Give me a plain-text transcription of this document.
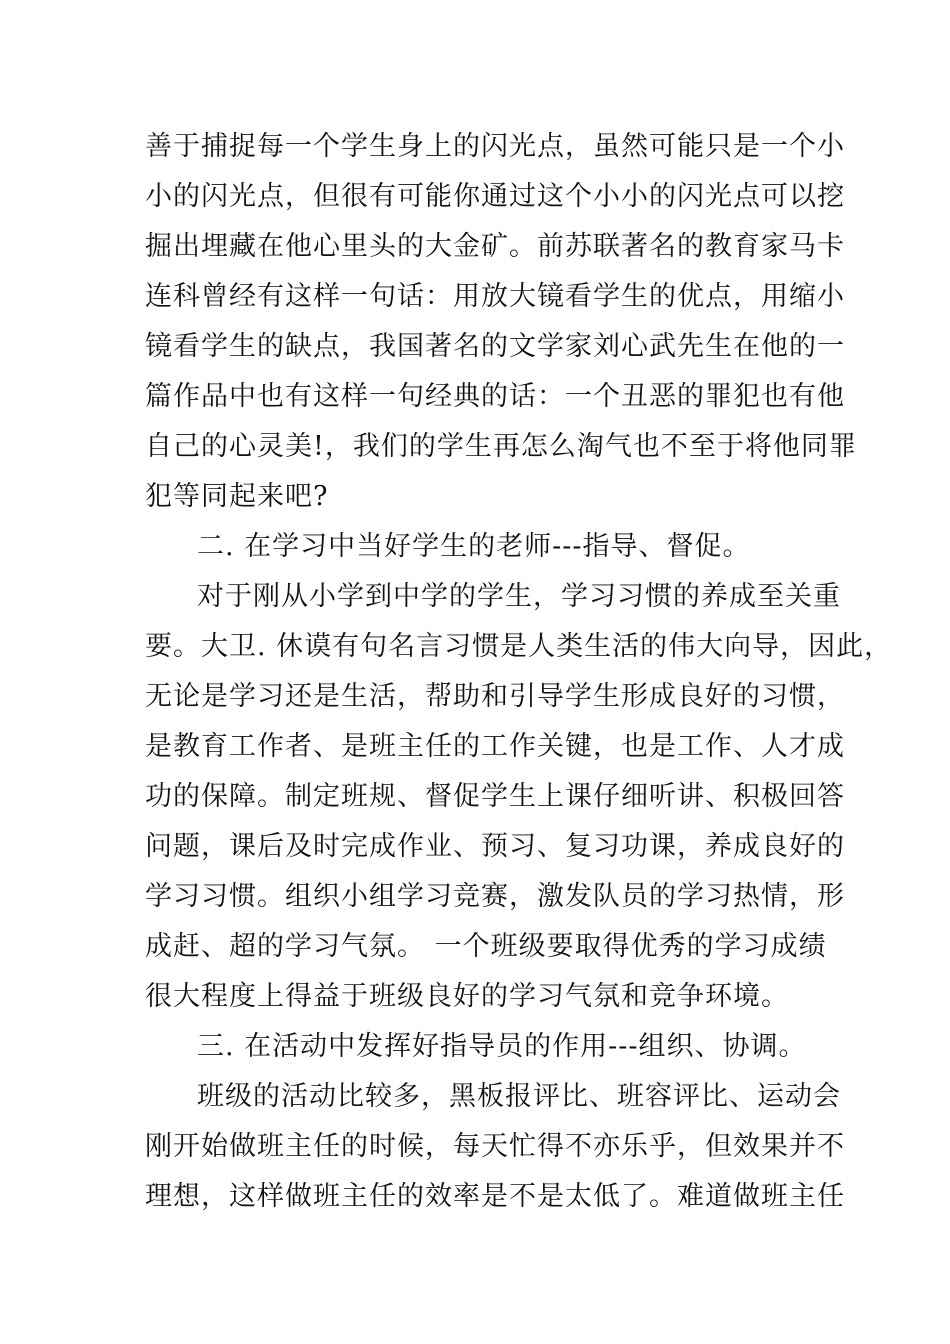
善于捕捉每一个学生身上的闪光点，虽然可能只是一个小
小的闪光点，但很有可能你通过这个小小的闪光点可以挖
掘出埋藏在他心里头的大金矿。前苏联著名的教育家马卡
连科曾经有这样一句话：用放大镜看学生的优点，用缩小
镜看学生的缺点，我国著名的文学家刘心武先生在他的一
篇作品中也有这样一句经典的话：一个丑恶的罪犯也有他
自己的心灵美!，我们的学生再怎么淘气也不至于将他同罪
犯等同起来吧?
二. 在学习中当好学生的老师---指导、督促。
对于刚从小学到中学的学生，学习习惯的养成至关重
要。大卫. 休谟有句名言习惯是人类生活的伟大向导，因此，
无论是学习还是生活，帮助和引导学生形成良好的习惯，
是教育工作者、是班主任的工作关键，也是工作、人才成
功的保障。制定班规、督促学生上课仔细听讲、积极回答
问题，课后及时完成作业、预习、复习功课，养成良好的
学习习惯。组织小组学习竞赛，激发队员的学习热情，形
成赶、超的学习气氛。 一个班级要取得优秀的学习成绩
很大程度上得益于班级良好的学习气氛和竞争环境。
三. 在活动中发挥好指导员的作用---组织、协调。
班级的活动比较多，黑板报评比、班容评比、运动会
刚开始做班主任的时候，每天忙得不亦乐乎，但效果并不
理想，这样做班主任的效率是不是太低了。难道做班主任
